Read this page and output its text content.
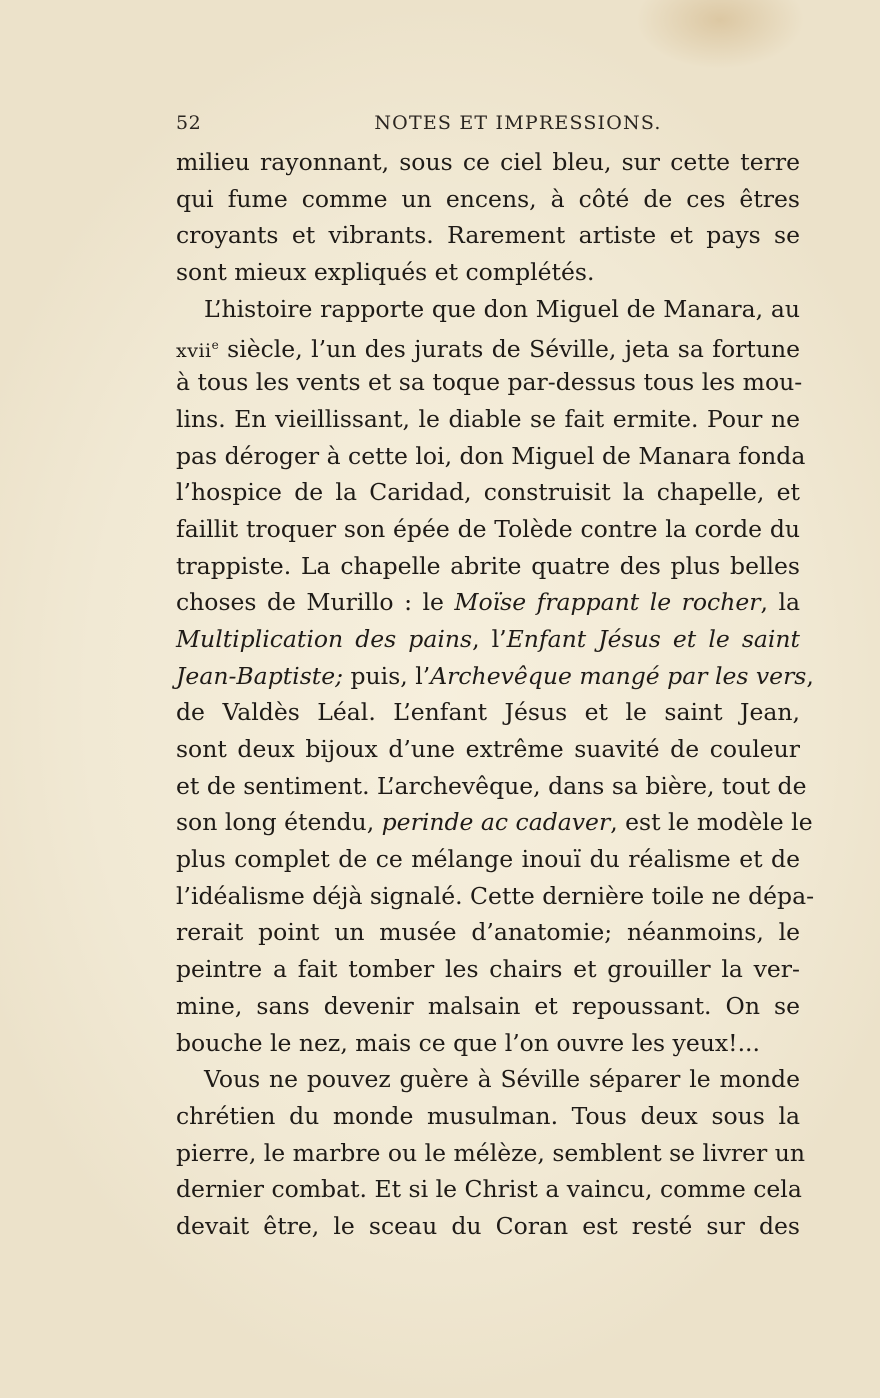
52	NOTES ET IMPRESSIONS.
milieu rayonnant, sous ce ciel bleu, sur cette terre
qui fume comme un encens, à côté de ces êtres
croyants et vibrants. Rarement artiste et pays se
sont mieux expliqués et complétés.
L’histoire rapporte que don Miguel de Manara, au
xvii$^e$ siècle, l’un des jurats de Séville, jeta sa fortune
à tous les vents et sa toque par-dessus tous les mou-
lins. En vieillissant, le diable se fait ermite. Pour ne
pas déroger à cette loi, don Miguel de Manara fonda
l’hospice de la Caridad, construisit la chapelle, et
faillit troquer son épée de Tolède contre la corde du
trappiste. La chapelle abrite quatre des plus belles
choses de Murillo : le Moïse frappant le rocher, la
Multiplication des pains, l’Enfant Jésus et le saint
Jean-Baptiste; puis, l’Archevêque mangé par les vers,
de Valdès Léal. L’enfant Jésus et le saint Jean,
sont deux bijoux d’une extrême suavité de couleur
et de sentiment. L’archevêque, dans sa bière, tout de
son long étendu, perinde ac cadaver, est le modèle le
plus complet de ce mélange inouï du réalisme et de
l’idéalisme déjà signalé. Cette dernière toile ne dépa-
rerait point un musée d’anatomie; néanmoins, le
peintre a fait tomber les chairs et grouiller la ver-
mine, sans devenir malsain et repoussant. On se
bouche le nez, mais ce que l’on ouvre les yeux!...
Vous ne pouvez guère à Séville séparer le monde
chrétien du monde musulman. Tous deux sous la
pierre, le marbre ou le mélèze, semblent se livrer un
dernier combat. Et si le Christ a vaincu, comme cela
devait être, le sceau du Coran est resté sur des
